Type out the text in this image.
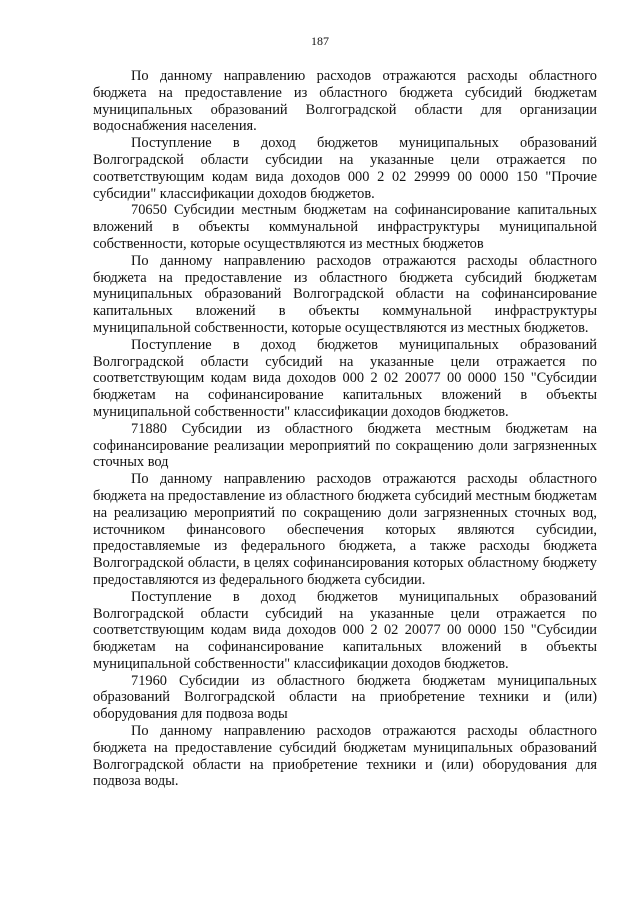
187

По данному направлению расходов отражаются расходы областного бюджета на предоставление из областного бюджета субсидий бюджетам муниципальных образований Волгоградской области для организации водоснабжения населения.

Поступление в доход бюджетов муниципальных образований Волгоградской области субсидии на указанные цели отражается по соответствующим кодам вида доходов 000 2 02 29999 00 0000 150 "Прочие субсидии" классификации доходов бюджетов.

70650 Субсидии местным бюджетам на софинансирование капитальных вложений в объекты коммунальной инфраструктуры муниципальной собственности, которые осуществляются из местных бюджетов

По данному направлению расходов отражаются расходы областного бюджета на предоставление из областного бюджета субсидий бюджетам муниципальных образований Волгоградской области на софинансирование капитальных вложений в объекты коммунальной инфраструктуры муниципальной собственности, которые осуществляются из местных бюджетов.

Поступление в доход бюджетов муниципальных образований Волгоградской области субсидий на указанные цели отражается по соответствующим кодам вида доходов 000 2 02 20077 00 0000 150 "Субсидии бюджетам на софинансирование капитальных вложений в объекты муниципальной собственности" классификации доходов бюджетов.

71880 Субсидии из областного бюджета местным бюджетам на софинансирование реализации мероприятий по сокращению доли загрязненных сточных вод

По данному направлению расходов отражаются расходы областного бюджета на предоставление из областного бюджета субсидий местным бюджетам на реализацию мероприятий по сокращению доли загрязненных сточных вод, источником финансового обеспечения которых являются субсидии, предоставляемые из федерального бюджета, а также расходы бюджета Волгоградской области, в целях софинансирования которых областному бюджету предоставляются из федерального бюджета субсидии.

Поступление в доход бюджетов муниципальных образований Волгоградской области субсидий на указанные цели отражается по соответствующим кодам вида доходов 000 2 02 20077 00 0000 150 "Субсидии бюджетам на софинансирование капитальных вложений в объекты муниципальной собственности" классификации доходов бюджетов.

71960 Субсидии из областного бюджета бюджетам муниципальных образований Волгоградской области на приобретение техники и (или) оборудования для подвоза воды

По данному направлению расходов отражаются расходы областного бюджета на предоставление субсидий бюджетам муниципальных образований Волгоградской области на приобретение техники и (или) оборудования для подвоза воды.
